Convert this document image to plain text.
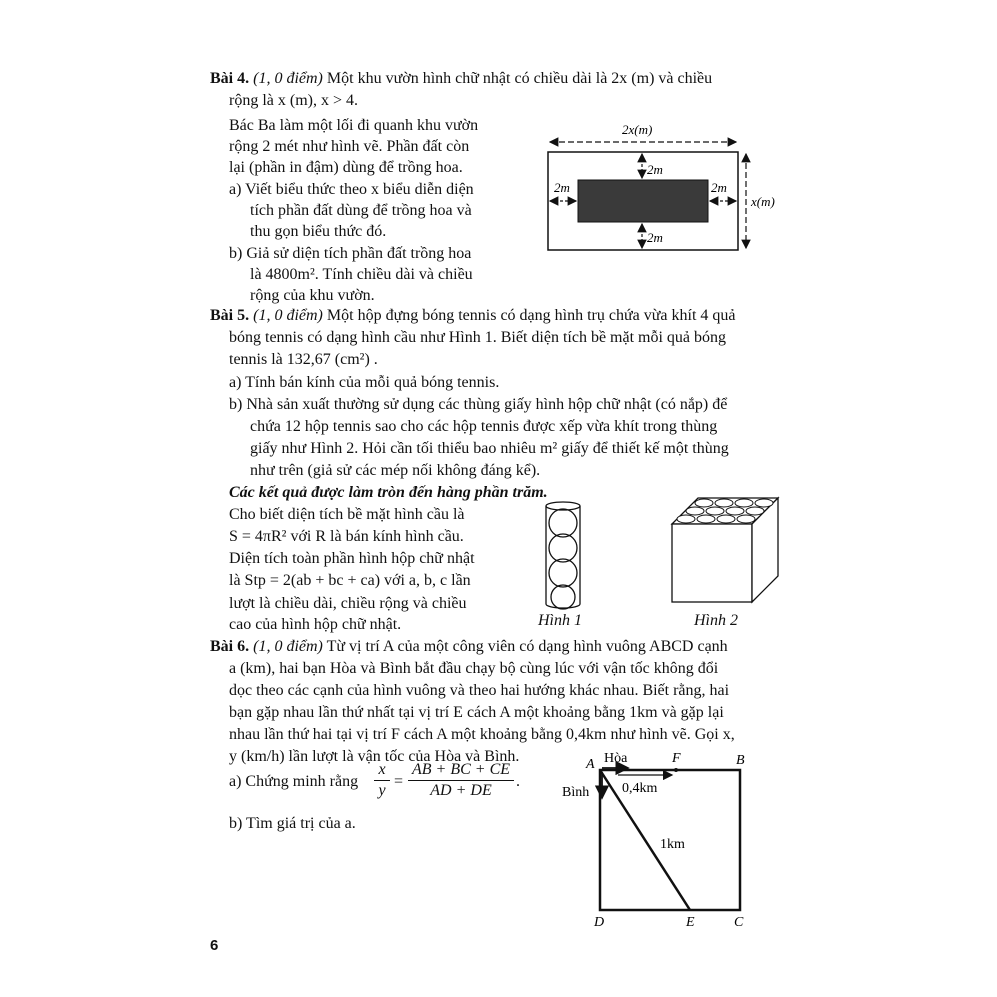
Bài 4. (1, 0 điểm) Một khu vườn hình chữ nhật có chiều dài là 2x (m) và chiều
rộng là x (m), x > 4.
Bác Ba làm một lối đi quanh khu vườn
rộng 2 mét như hình vẽ. Phần đất còn
lại (phần in đậm) dùng để trồng hoa.
a) Viết biểu thức theo x biểu diễn diện
tích phần đất dùng để trồng hoa và
thu gọn biểu thức đó.
b) Giả sử diện tích phần đất trồng hoa
là 4800m². Tính chiều dài và chiều
rộng của khu vườn.
2x(m)
2m
2m
2m	2m
x(m)
Bài 5. (1, 0 điểm) Một hộp đựng bóng tennis có dạng hình trụ chứa vừa khít 4 quả
bóng tennis có dạng hình cầu như Hình 1. Biết diện tích bề mặt mỗi quả bóng
tennis là 132,67 (cm²) .
a) Tính bán kính của mỗi quả bóng tennis.
b) Nhà sản xuất thường sử dụng các thùng giấy hình hộp chữ nhật (có nắp) để
chứa 12 hộp tennis sao cho các hộp tennis được xếp vừa khít trong thùng
giấy như Hình 2. Hỏi cần tối thiểu bao nhiêu m² giấy để thiết kế một thùng
như trên (giả sử các mép nối không đáng kể).
Các kết quả được làm tròn đến hàng phần trăm.
Cho biết diện tích bề mặt hình cầu là
S = 4πR² với R là bán kính hình cầu.
Diện tích toàn phần hình hộp chữ nhật
là Stp = 2(ab + bc + ca) với a, b, c lần
lượt là chiều dài, chiều rộng và chiều
cao của hình hộp chữ nhật.	Hình 1	Hình 2
Bài 6. (1, 0 điểm) Từ vị trí A của một công viên có dạng hình vuông ABCD cạnh
a (km), hai bạn Hòa và Bình bắt đầu chạy bộ cùng lúc với vận tốc không đổi
dọc theo các cạnh của hình vuông và theo hai hướng khác nhau. Biết rằng, hai
bạn gặp nhau lần thứ nhất tại vị trí E cách A một khoảng bằng 1km và gặp lại
nhau lần thứ hai tại vị trí F cách A một khoảng bằng 0,4km như hình vẽ. Gọi x,
y (km/h) lần lượt là vận tốc của Hòa và Bình.
a) Chứng minh rằng
x
y
=
AB + BC + CE
AD + DE
.
b) Tìm giá trị của a.
A	B
C
D	E
F
Hòa
Bình 0,4km
1km
6
